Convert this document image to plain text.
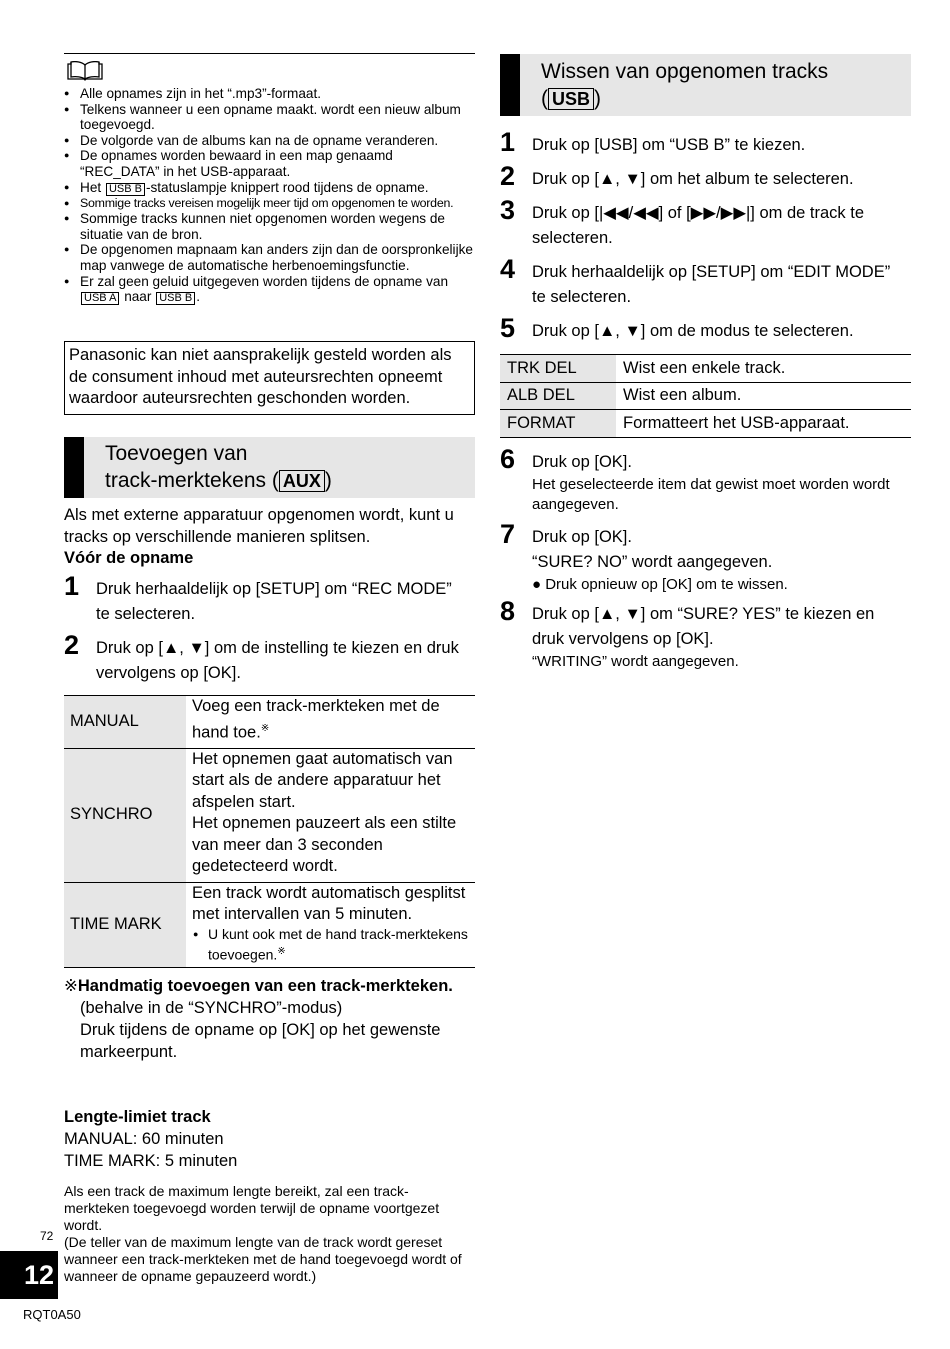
● Alle opnames zijn in het “.mp3”-formaat.
● Telkens wanneer u een opname maakt. wordt een nieuw album toegevoegd.
● De volgorde van de albums kan na de opname veranderen.
● De opnames worden bewaard in een map genaamd “REC_DATA” in het USB-apparaat.
● Het USB B -statuslampje knippert rood tijdens de opname.
● Sommige tracks vereisen mogelijk meer tijd om opgenomen te worden.
● Sommige tracks kunnen niet opgenomen worden wegens de situatie van de bron.
● De opgenomen mapnaam kan anders zijn dan de oorspronkelijke map vanwege de automatische herbenoemingsfunctie.
● Er zal geen geluid uitgegeven worden tijdens de opname van
USB A naar USB B .
Panasonic kan niet aansprakelijk gesteld worden als de consument inhoud met auteursrechten opneemt waardoor auteursrechten geschonden worden.
Toevoegen van
track-merktekens ( AUX )
Als met externe apparatuur opgenomen wordt, kunt u tracks op verschillende manieren splitsen.
Vóór de opname
1 Druk herhaaldelijk op [SETUP] om “REC MODE” te selecteren.
2 Druk op [▲, ▼] om de instelling te kiezen en druk vervolgens op [OK].
MANUAL	Voeg een track-merkteken met de hand toe.※
SYNCHRO	Het opnemen gaat automatisch van start als de andere apparatuur het afspelen start.
Het opnemen pauzeert als een stilte van meer dan 3 seconden gedetecteerd wordt.

TIME MARK	Een track wordt automatisch gesplitst met intervallen van 5 minuten.
● U kunt ook met de hand track-merktekens toevoegen.※
※Handmatig toevoegen van een track-merkteken.
(behalve in de “SYNCHRO”-modus)
Druk tijdens de opname op [OK] op het gewenste markeerpunt.
Lengte-limiet track
MANUAL: 60 minuten
TIME MARK: 5 minuten
Als een track de maximum lengte bereikt, zal een track-merkteken toegevoegd worden terwijl de opname voortgezet wordt.
(De teller van de maximum lengte van de track wordt gereset wanneer een track-merkteken met de hand toegevoegd wordt of wanneer de opname gepauzeerd wordt.)
Wissen van opgenomen tracks
( USB )
1 Druk op [USB] om “USB B” te kiezen.
2 Druk op [▲, ▼] om het album te selecteren.
3 Druk op [|◀◀/◀◀] of [▶▶/▶▶|] om de track te selecteren.
4 Druk herhaaldelijk op [SETUP] om “EDIT MODE” te selecteren.
5 Druk op [▲, ▼] om de modus te selecteren.
TRK DEL	Wist een enkele track.
ALB DEL	Wist een album.
FORMAT	Formatteert het USB-apparaat.
6 Druk op [OK].
Het geselecteerde item dat gewist moet worden wordt aangegeven.
7 Druk op [OK].
“SURE? NO” wordt aangegeven.
● Druk opnieuw op [OK] om te wissen.
8 Druk op [▲, ▼] om “SURE? YES” te kiezen en druk vervolgens op [OK].
“WRITING” wordt aangegeven.
72
12
RQT0A50
